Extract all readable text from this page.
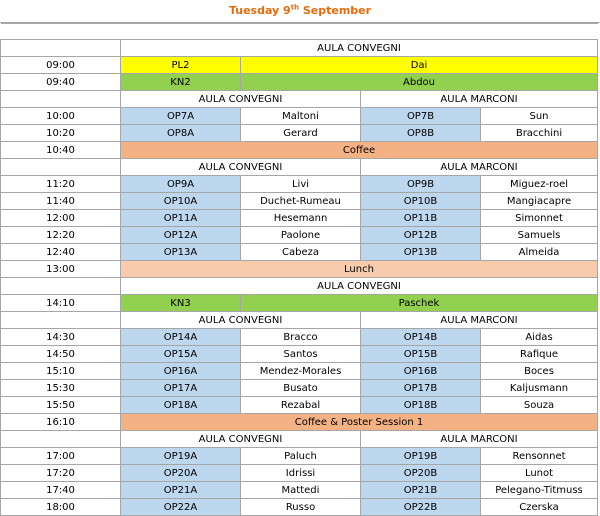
Tuesday 9th September

	AULA CONVEGNI			
09:00	PL2	Dai		
09:40	KN2	Abdou		
	AULA CONVEGNI		AULA MARCONI	
10:00	OP7A	Maltoni	OP7B	Sun
10:20	OP8A	Gerard	OP8B	Bracchini
10:40	Coffee			
	AULA CONVEGNI		AULA MARCONI	
11:20	OP9A	Livi	OP9B	Miguez-roel
11:40	OP10A	Duchet-Rumeau	OP10B	Mangiacapre
12:00	OP11A	Hesemann	OP11B	Simonnet
12:20	OP12A	Paolone	OP12B	Samuels
12:40	OP13A	Cabeza	OP13B	Almeida
13:00	Lunch			
	AULA CONVEGNI			
14:10	KN3	Paschek		
	AULA CONVEGNI		AULA MARCONI	
14:30	OP14A	Bracco	OP14B	Aidas
14:50	OP15A	Santos	OP15B	Rafique
15:10	OP16A	Mendez-Morales	OP16B	Boces
15:30	OP17A	Busato	OP17B	Kaljusmann
15:50	OP18A	Rezabal	OP18B	Souza
16:10	Coffee & Poster Session 1			
	AULA CONVEGNI		AULA MARCONI	
17:00	OP19A	Paluch	OP19B	Rensonnet
17:20	OP20A	Idrissi	OP20B	Lunot
17:40	OP21A	Mattedi	OP21B	Pelegano-Titmuss
18:00	OP22A	Russo	OP22B	Czerska
